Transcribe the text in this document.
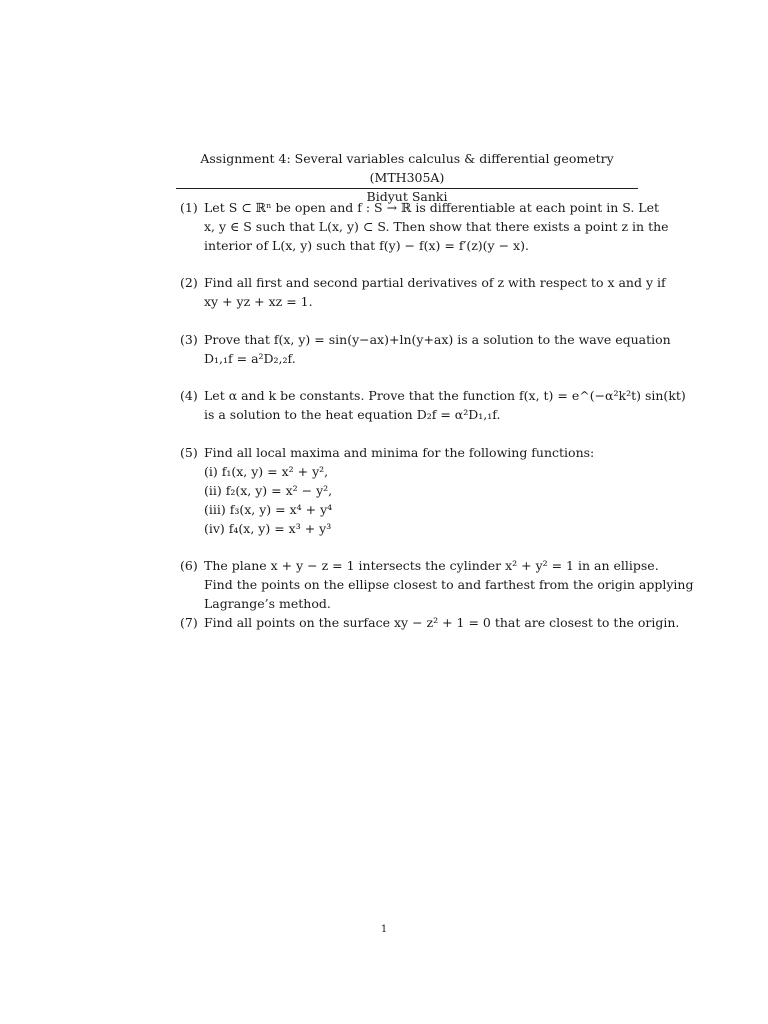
Assignment 4: Several variables calculus & differential geometry (MTH305A)
Bidyut Sanki
(1) Let S ⊂ ℝⁿ be open and f : S → ℝ is differentiable at each point in S. Let
x, y ∈ S such that L(x, y) ⊂ S. Then show that there exists a point z in the
interior of L(x, y) such that f(y) − f(x) = f′(z)(y − x).
(2) Find all first and second partial derivatives of z with respect to x and y if
xy + yz + xz = 1.
(3) Prove that f(x, y) = sin(y−ax)+ln(y+ax) is a solution to the wave equation
D₁,₁f = a²D₂,₂f.
(4) Let α and k be constants. Prove that the function f(x, t) = e^(−α²k²t) sin(kt)
is a solution to the heat equation D₂f = α²D₁,₁f.
(5) Find all local maxima and minima for the following functions:
(i) f₁(x, y) = x² + y²,
(ii) f₂(x, y) = x² − y²,
(iii) f₃(x, y) = x⁴ + y⁴
(iv) f₄(x, y) = x³ + y³
(6) The plane x + y − z = 1 intersects the cylinder x² + y² = 1 in an ellipse.
Find the points on the ellipse closest to and farthest from the origin applying
Lagrange’s method.
(7) Find all points on the surface xy − z² + 1 = 0 that are closest to the origin.
1
